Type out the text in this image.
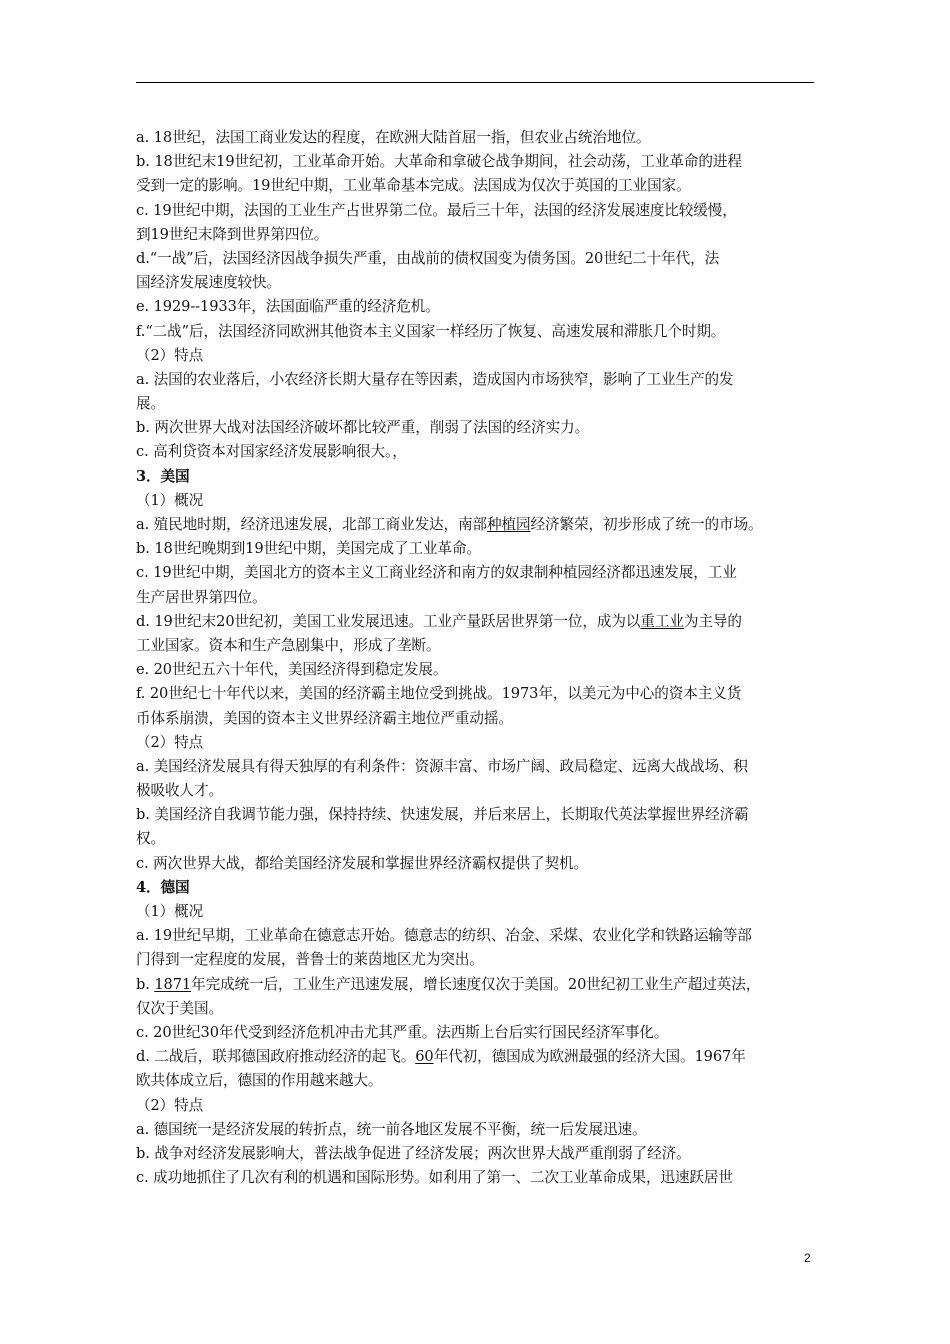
a. 18世纪，法国工商业发达的程度，在欧洲大陆首屈一指，但农业占统治地位。
b. 18世纪末19世纪初，工业革命开始。大革命和拿破仑战争期间，社会动荡，工业革命的进程
受到一定的影响。19世纪中期，工业革命基本完成。法国成为仅次于英国的工业国家。
c. 19世纪中期，法国的工业生产占世界第二位。最后三十年，法国的经济发展速度比较缓慢，
到19世纪末降到世界第四位。
d.“一战”后，法国经济因战争损失严重，由战前的债权国变为债务国。20世纪二十年代，法
国经济发展速度较快。
e. 1929--1933年，法国面临严重的经济危机。
f.“二战”后，法国经济同欧洲其他资本主义国家一样经历了恢复、高速发展和滞胀几个时期。
（2）特点
a. 法国的农业落后，小农经济长期大量存在等因素，造成国内市场狭窄，影响了工业生产的发
展。
b. 两次世界大战对法国经济破坏都比较严重，削弱了法国的经济实力。
c. 高利贷资本对国家经济发展影响很大。，
3．美国
（1）概况
a. 殖民地时期，经济迅速发展，北部工商业发达，南部种植园经济繁荣，初步形成了统一的市场。
b. 18世纪晚期到19世纪中期，美国完成了工业革命。
c. 19世纪中期，美国北方的资本主义工商业经济和南方的奴隶制种植园经济都迅速发展，工业
生产居世界第四位。
d. 19世纪末20世纪初，美国工业发展迅速。工业产量跃居世界第一位，成为以重工业为主导的
工业国家。资本和生产急剧集中，形成了垄断。
e. 20世纪五六十年代，美国经济得到稳定发展。
f. 20世纪七十年代以来，美国的经济霸主地位受到挑战。1973年，以美元为中心的资本主义货
币体系崩溃，美国的资本主义世界经济霸主地位严重动摇。
（2）特点
a. 美国经济发展具有得天独厚的有利条件：资源丰富、市场广阔、政局稳定、远离大战战场、积
极吸收人才。
b. 美国经济自我调节能力强，保持持续、快速发展，并后来居上，长期取代英法掌握世界经济霸
权。
c. 两次世界大战，都给美国经济发展和掌握世界经济霸权提供了契机。
4．德国
（1）概况
a. 19世纪早期，工业革命在德意志开始。德意志的纺织、冶金、采煤、农业化学和铁路运输等部
门得到一定程度的发展，普鲁士的莱茵地区尤为突出。
b. 1871年完成统一后，工业生产迅速发展，增长速度仅次于美国。20世纪初工业生产超过英法，
仅次于美国。
c. 20世纪30年代受到经济危机冲击尤其严重。法西斯上台后实行国民经济军事化。
d. 二战后，联邦德国政府推动经济的起飞。60年代初，德国成为欧洲最强的经济大国。1967年
欧共体成立后，德国的作用越来越大。
（2）特点
a. 德国统一是经济发展的转折点，统一前各地区发展不平衡，统一后发展迅速。
b. 战争对经济发展影响大，普法战争促进了经济发展；两次世界大战严重削弱了经济。
c. 成功地抓住了几次有利的机遇和国际形势。如利用了第一、二次工业革命成果，迅速跃居世
2
